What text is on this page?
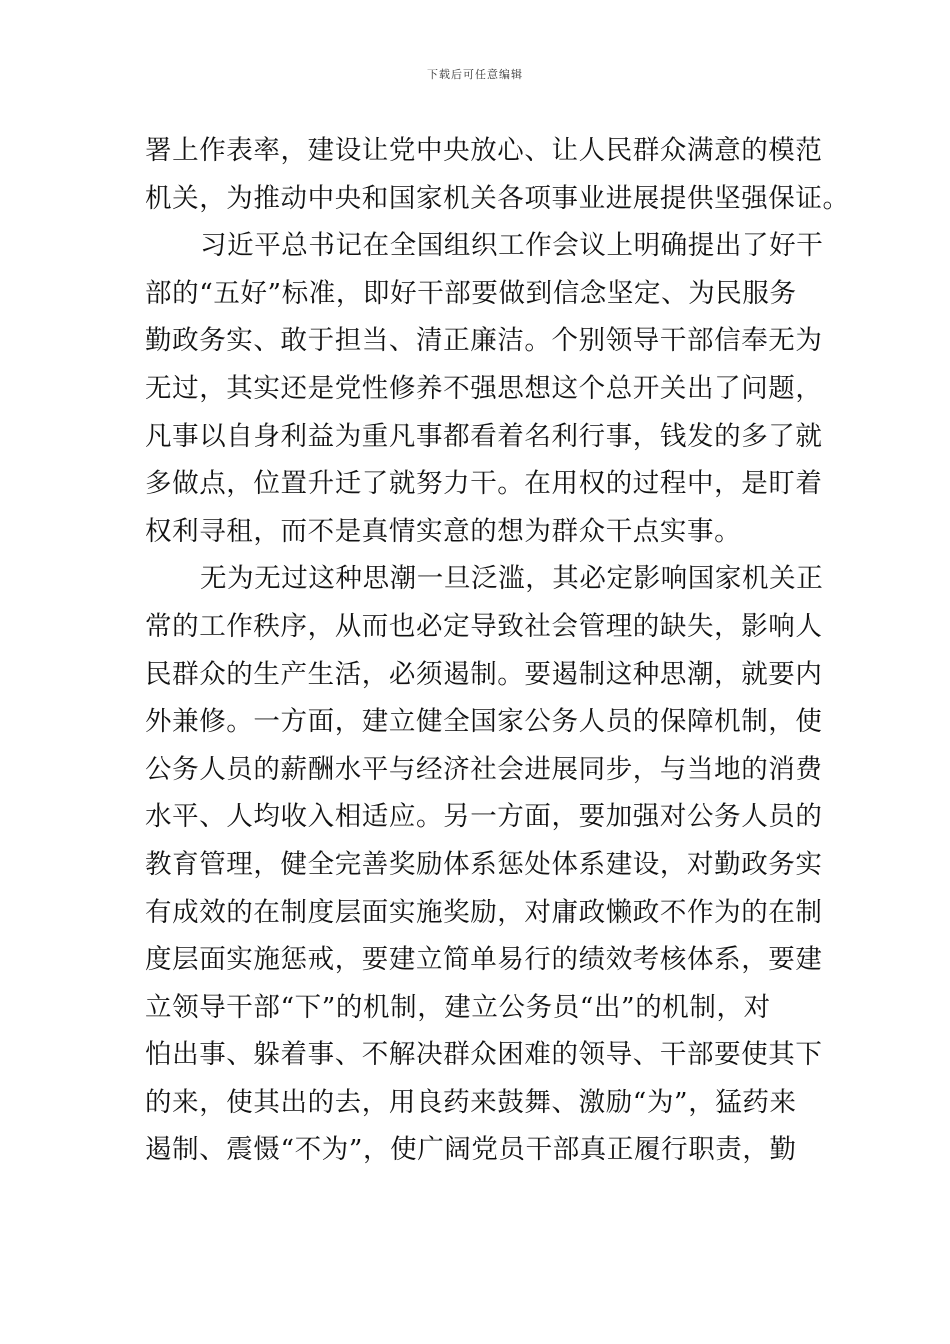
下载后可任意编辑
署上作表率，建设让党中央放心、让人民群众满意的模范
机关，为推动中央和国家机关各项事业进展提供坚强保证。
习近平总书记在全国组织工作会议上明确提出了好干
部的“五好”标准，即好干部要做到信念坚定、为民服务
勤政务实、敢于担当、清正廉洁。个别领导干部信奉无为
无过，其实还是党性修养不强思想这个总开关出了问题，
凡事以自身利益为重凡事都看着名利行事，钱发的多了就
多做点，位置升迁了就努力干。在用权的过程中，是盯着
权利寻租，而不是真情实意的想为群众干点实事。
无为无过这种思潮一旦泛滥，其必定影响国家机关正
常的工作秩序，从而也必定导致社会管理的缺失，影响人
民群众的生产生活，必须遏制。要遏制这种思潮，就要内
外兼修。一方面，建立健全国家公务人员的保障机制，使
公务人员的薪酬水平与经济社会进展同步，与当地的消费
水平、人均收入相适应。另一方面，要加强对公务人员的
教育管理，健全完善奖励体系惩处体系建设，对勤政务实
有成效的在制度层面实施奖励，对庸政懒政不作为的在制
度层面实施惩戒，要建立简单易行的绩效考核体系，要建
立领导干部“下”的机制，建立公务员“出”的机制，对
怕出事、躲着事、不解决群众困难的领导、干部要使其下
的来，使其出的去，用良药来鼓舞、激励“为”，猛药来
遏制、震慑“不为”，使广阔党员干部真正履行职责，勤
